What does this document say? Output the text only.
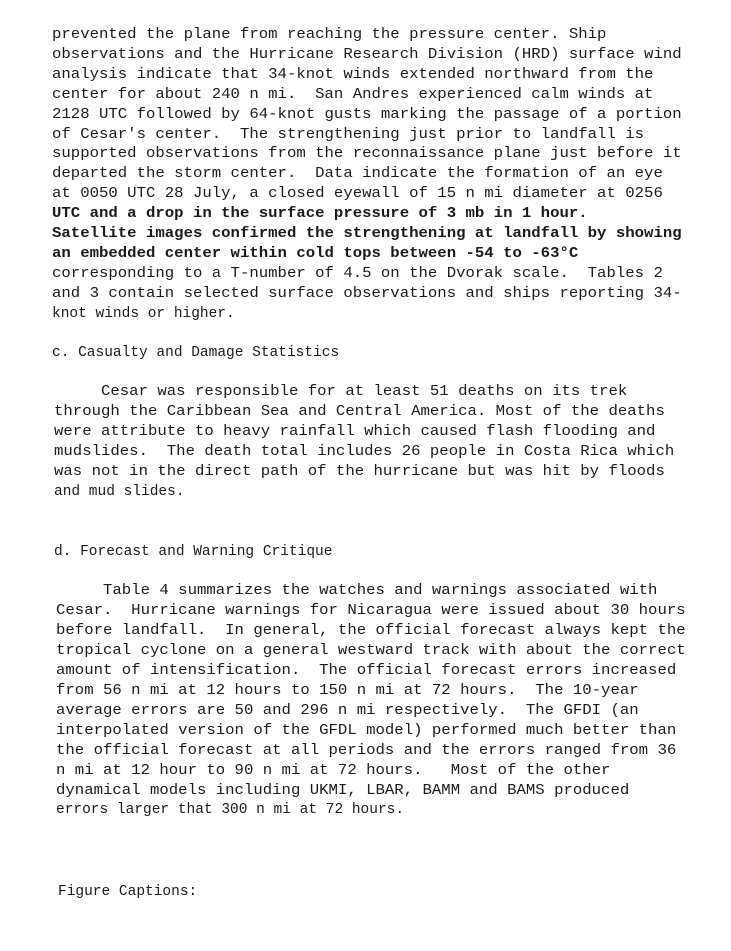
prevented the plane from reaching the pressure center. Ship
observations and the Hurricane Research Division (HRD) surface wind
analysis indicate that 34-knot winds extended northward from the
center for about 240 n mi.  San Andres experienced calm winds at
2128 UTC followed by 64-knot gusts marking the passage of a portion
of Cesar's center.  The strengthening just prior to landfall is
supported observations from the reconnaissance plane just before it
departed the storm center.  Data indicate the formation of an eye
at 0050 UTC 28 July, a closed eyewall of 15 n mi diameter at 0256
UTC and a drop in the surface pressure of 3 mb in 1 hour.
Satellite images confirmed the strengthening at landfall by showing
an embedded center within cold tops between -54 to -63°C
corresponding to a T-number of 4.5 on the Dvorak scale.  Tables 2
and 3 contain selected surface observations and ships reporting 34-
knot winds or higher.
c. Casualty and Damage Statistics
Cesar was responsible for at least 51 deaths on its trek
through the Caribbean Sea and Central America. Most of the deaths
were attribute to heavy rainfall which caused flash flooding and
mudslides.  The death total includes 26 people in Costa Rica which
was not in the direct path of the hurricane but was hit by floods
and mud slides.
d. Forecast and Warning Critique
Table 4 summarizes the watches and warnings associated with
Cesar.  Hurricane warnings for Nicaragua were issued about 30 hours
before landfall.  In general, the official forecast always kept the
tropical cyclone on a general westward track with about the correct
amount of intensification.  The official forecast errors increased
from 56 n mi at 12 hours to 150 n mi at 72 hours.  The 10-year
average errors are 50 and 296 n mi respectively.  The GFDI (an
interpolated version of the GFDL model) performed much better than
the official forecast at all periods and the errors ranged from 36
n mi at 12 hour to 90 n mi at 72 hours.   Most of the other
dynamical models including UKMI, LBAR, BAMM and BAMS produced
errors larger that 300 n mi at 72 hours.
Figure Captions:
